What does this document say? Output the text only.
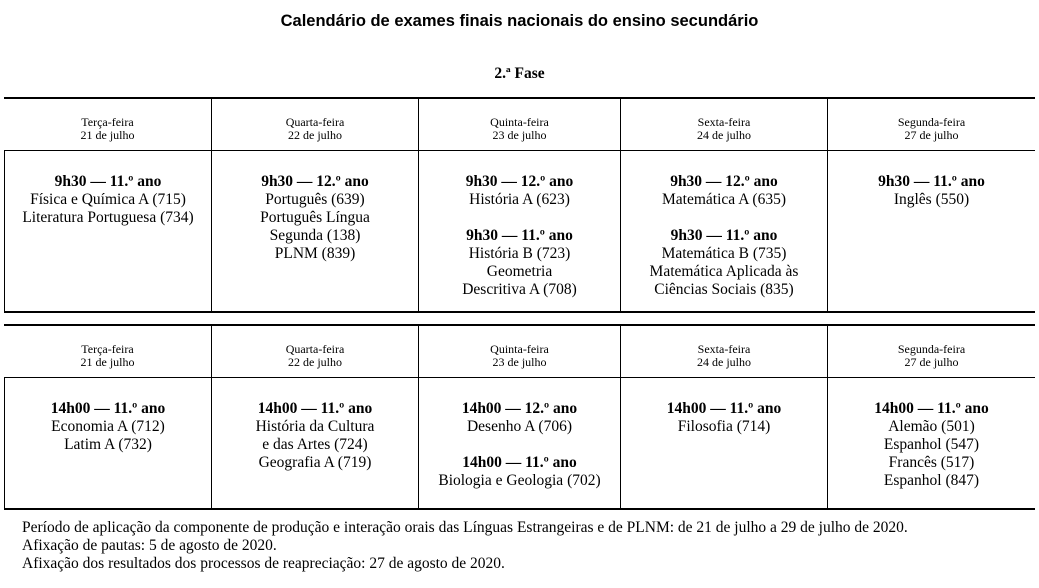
Calendário de exames finais nacionais do ensino secundário
2.ª Fase
Terça-feira
21 de julho
Quarta-feira
22 de julho
Quinta-feira
23 de julho
Sexta-feira
24 de julho
Segunda-feira
27 de julho
9h30 — 11.º ano
Física e Química A (715)
Literatura Portuguesa (734)
9h30 — 12.º ano
Português (639)
Português Língua
Segunda (138)
PLNM (839)
9h30 — 12.º ano
História A (623)
9h30 — 11.º ano
História B (723)
Geometria
Descritiva A (708)
9h30 — 12.º ano
Matemática A (635)
9h30 — 11.º ano
Matemática B (735)
Matemática Aplicada às
Ciências Sociais (835)
9h30 — 11.º ano
Inglês (550)
Terça-feira
21 de julho
Quarta-feira
22 de julho
Quinta-feira
23 de julho
Sexta-feira
24 de julho
Segunda-feira
27 de julho
14h00 — 11.º ano
Economia A (712)
Latim A (732)
14h00 — 11.º ano
História da Cultura
e das Artes (724)
Geografia A (719)
14h00 — 12.º ano
Desenho A (706)
14h00 — 11.º ano
Biologia e Geologia (702)
14h00 — 11.º ano
Filosofia (714)
14h00 — 11.º ano
Alemão (501)
Espanhol (547)
Francês (517)
Espanhol (847)
Período de aplicação da componente de produção e interação orais das Línguas Estrangeiras e de PLNM: de 21 de julho a 29 de julho de 2020.
Afixação de pautas: 5 de agosto de 2020.
Afixação dos resultados dos processos de reapreciação: 27 de agosto de 2020.
